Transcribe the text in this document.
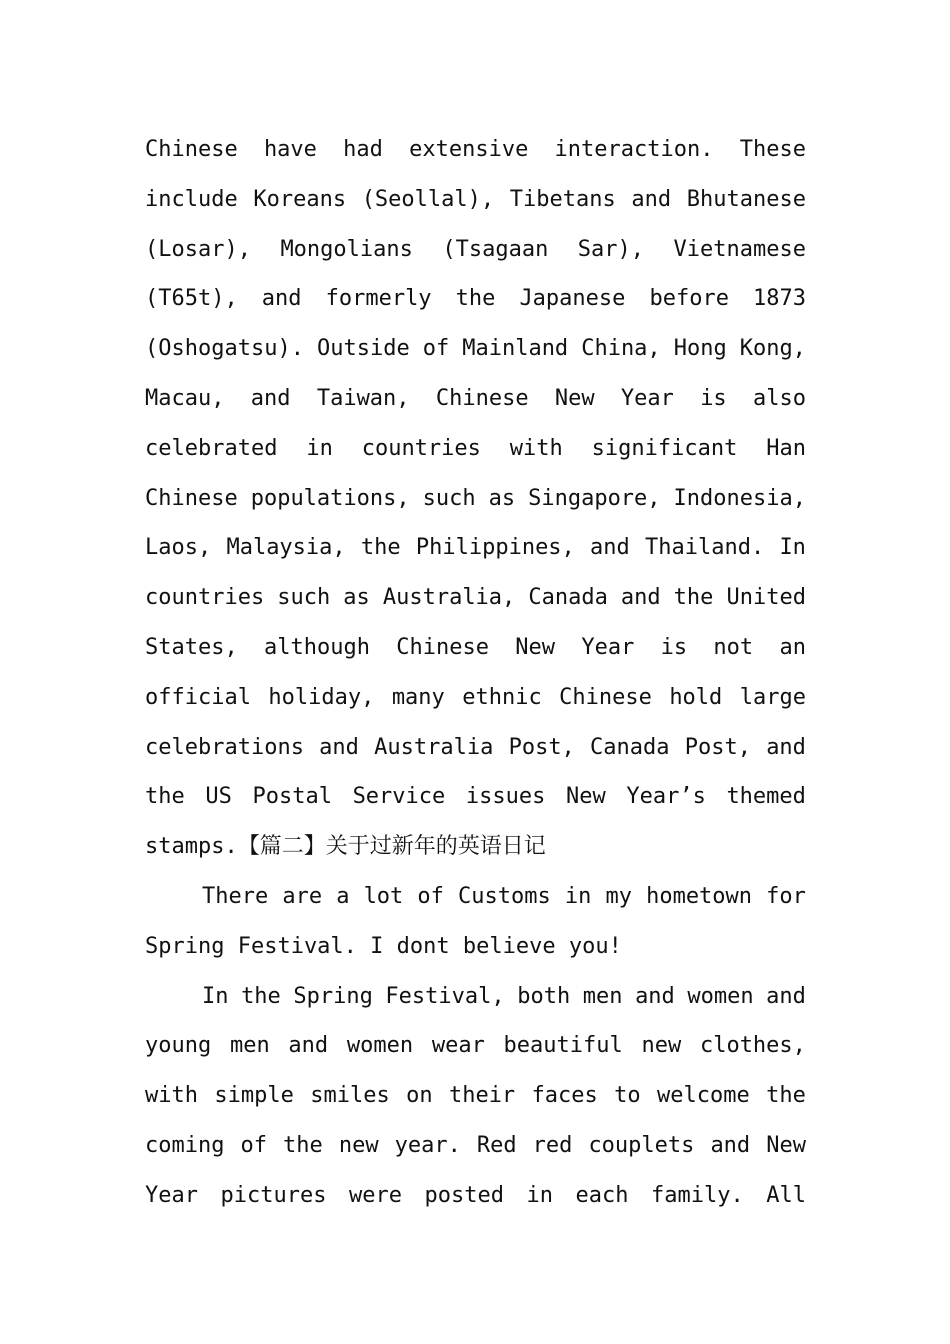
Chinese have had extensive interaction. These
include Koreans (Seollal), Tibetans and Bhutanese
(Losar), Mongolians (Tsagaan Sar), Vietnamese
(T65t), and formerly the Japanese before 1873
(Oshogatsu). Outside of Mainland China, Hong Kong,
Macau, and Taiwan, Chinese New Year is also
celebrated in countries with significant Han
Chinese populations, such as Singapore, Indonesia,
Laos, Malaysia, the Philippines, and Thailand. In
countries such as Australia, Canada and the United
States, although Chinese New Year is not an
official holiday, many ethnic Chinese hold large
celebrations and Australia Post, Canada Post, and
the US Postal Service issues New Year’s themed
stamps. 【篇二】关于过新年的英语日记
There are a lot of Customs in my hometown for
Spring Festival. I dont believe you!
In the Spring Festival, both men and women and
young men and women wear beautiful new clothes,
with simple smiles on their faces to welcome the
coming of the new year. Red red couplets and New
Year pictures were posted in each family. All
